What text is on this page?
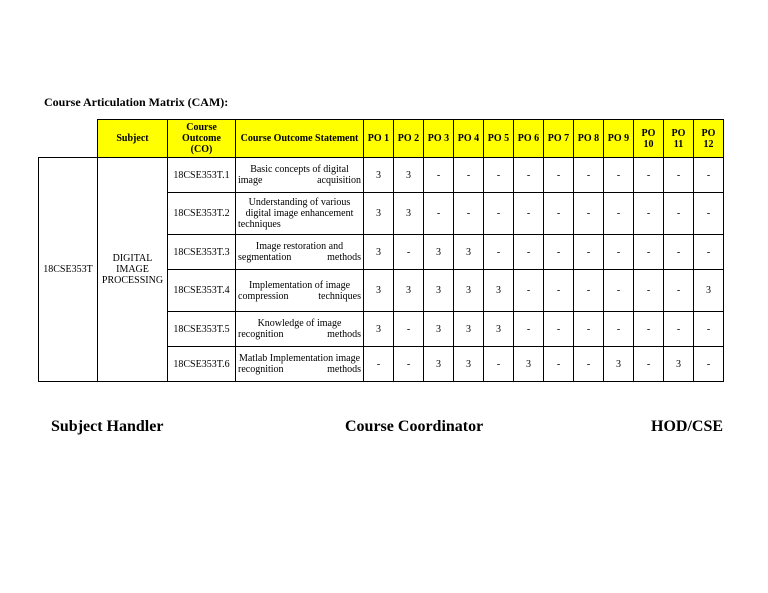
Course Articulation Matrix (CAM):
	Subject	Course Outcome (CO)	Course Outcome Statement	PO 1	PO 2	PO 3	PO 4	PO 5	PO 6	PO 7	PO 8	PO 9	PO 10	PO 11	PO 12
18CSE353T	DIGITAL IMAGE PROCESSING	18CSE353T.1	Basic concepts of digital image acquisition	3	3	-	-	-	-	-	-	-	-	-	-
		18CSE353T.2	Understanding of various digital image enhancement techniques	3	3	-	-	-	-	-	-	-	-	-	-
		18CSE353T.3	Image restoration and segmentation methods	3	-	3	3	-	-	-	-	-	-	-	-
		18CSE353T.4	Implementation of image compression techniques	3	3	3	3	3	-	-	-	-	-	-	3
		18CSE353T.5	Knowledge of image recognition methods	3	-	3	3	3	-	-	-	-	-	-	-
		18CSE353T.6	Matlab Implementation image recognition methods	-	-	3	3	-	3	-	-	3	-	3	-
Subject Handler	Course Coordinator	HOD/CSE
